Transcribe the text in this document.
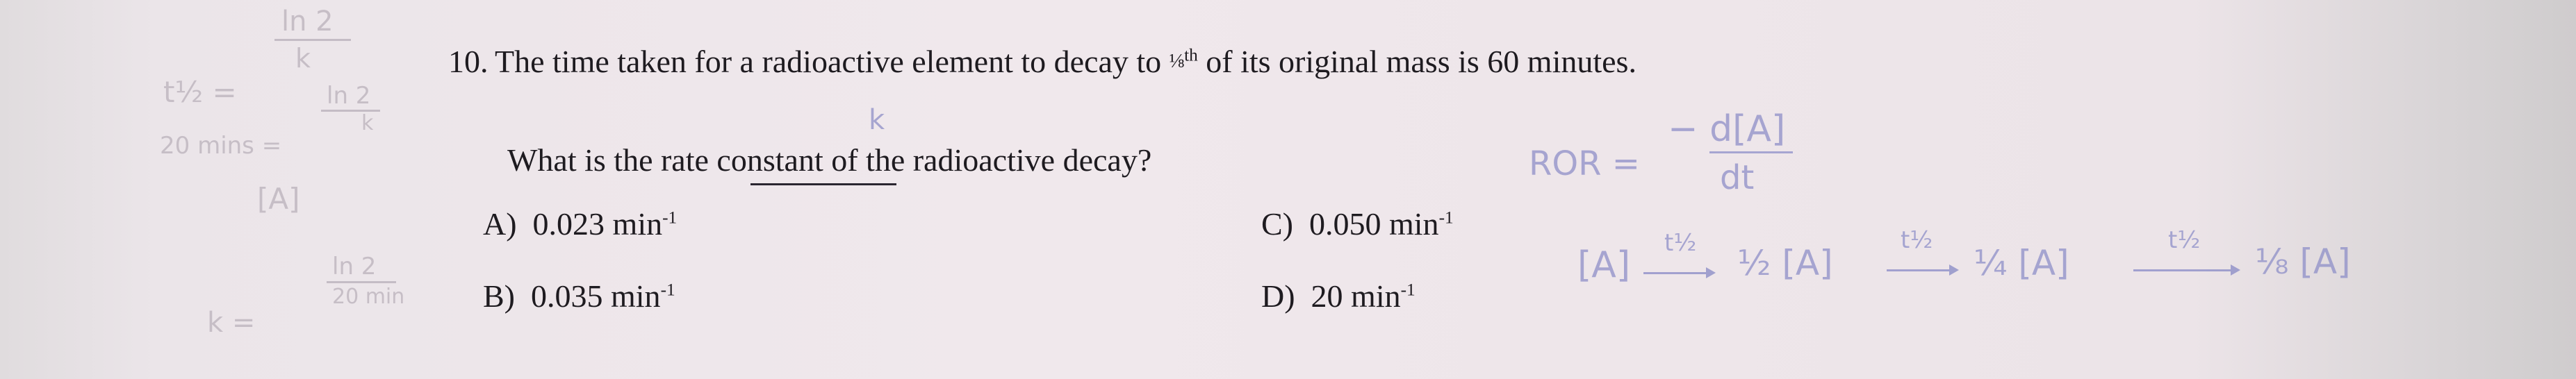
ln 2
k
t½ =	ln 2
k
20 mins =
[A]
k =
ln 2
20 min
10. The time taken for a radioactive element to decay to ⅛$^{th}$ of its original mass is 60 minutes.
k
What is the rate constant of the radioactive decay?
A) 0.023 $\min^{-1}$
B) 0.035 $\min^{-1}$
C) 0.050 $\min^{-1}$
D) 20 $\min^{-1}$
ROR =
− d[A]
dt
[A]
t½ ½ [A]
t½
¼ [A]
t½
⅛ [A]
